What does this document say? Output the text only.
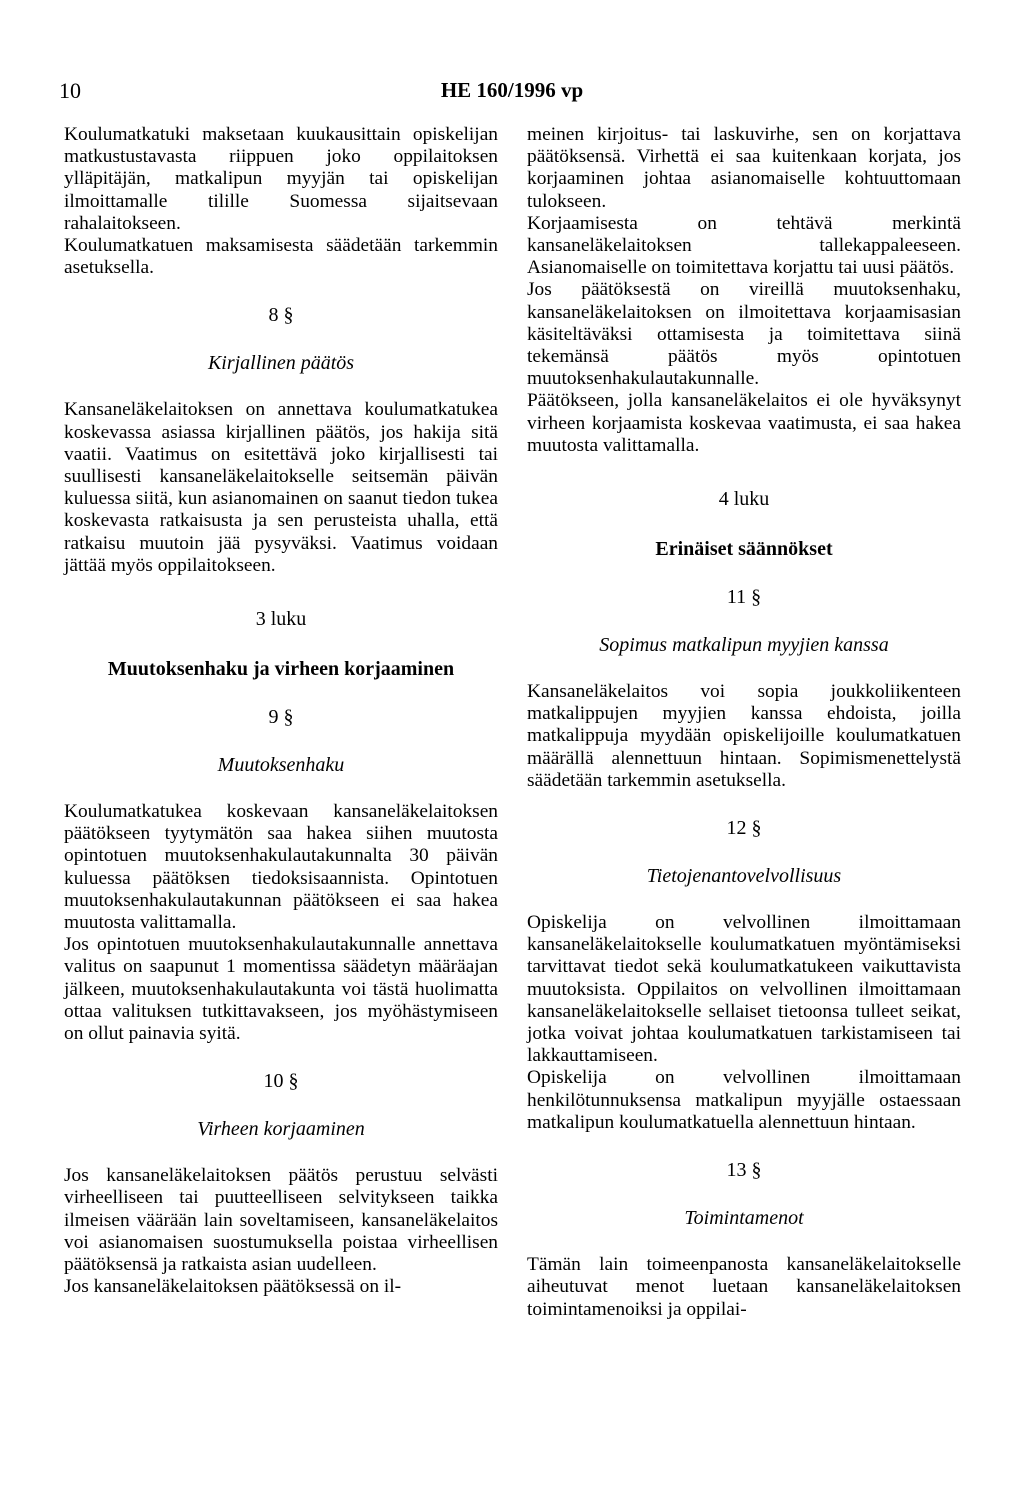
10	HE 160/1996 vp

Koulumatkatuki maksetaan kuukausittain opiskelijan matkustustavasta riippuen joko oppilaitoksen ylläpitäjän, matkalipun myyjän tai opiskelijan ilmoittamalle tilille Suomessa sijaitsevaan rahalaitokseen.

Koulumatkatuen maksamisesta säädetään tarkemmin asetuksella.

8 §
Kirjallinen päätös

Kansaneläkelaitoksen on annettava koulumatkatukea koskevassa asiassa kirjallinen päätös, jos hakija sitä vaatii. Vaatimus on esitettävä joko kirjallisesti tai suullisesti kansaneläkelaitokselle seitsemän päivän kuluessa siitä, kun asianomainen on saanut tiedon tukea koskevasta ratkaisusta ja sen perusteista uhalla, että ratkaisu muutoin jää pysyväksi. Vaatimus voidaan jättää myös oppilaitokseen.

3 luku
Muutoksenhaku ja virheen korjaaminen
9 §
Muutoksenhaku

Koulumatkatukea koskevaan kansaneläkelaitoksen päätökseen tyytymätön saa hakea siihen muutosta opintotuen muutoksenhakulautakunnalta 30 päivän kuluessa päätöksen tiedoksisaannista. Opintotuen muutoksenhakulautakunnan päätökseen ei saa hakea muutosta valittamalla.

Jos opintotuen muutoksenhakulautakunnalle annettava valitus on saapunut 1 momentissa säädetyn määräajan jälkeen, muutoksenhakulautakunta voi tästä huolimatta ottaa valituksen tutkittavakseen, jos myöhästymiseen on ollut painavia syitä.

10 §
Virheen korjaaminen

Jos kansaneläkelaitoksen päätös perustuu selvästi virheelliseen tai puutteelliseen selvitykseen taikka ilmeisen väärään lain soveltamiseen, kansaneläkelaitos voi asianomaisen suostumuksella poistaa virheellisen päätöksensä ja ratkaista asian uudelleen.

Jos kansaneläkelaitoksen päätöksessä on il-

meinen kirjoitus- tai laskuvirhe, sen on korjattava päätöksensä. Virhettä ei saa kuitenkaan korjata, jos korjaaminen johtaa asianomaiselle kohtuuttomaan tulokseen.

Korjaamisesta on tehtävä merkintä kansaneläkelaitoksen tallekappaleeseen. Asianomaiselle on toimitettava korjattu tai uusi päätös.

Jos päätöksestä on vireillä muutoksenhaku, kansaneläkelaitoksen on ilmoitettava korjaamisasian käsiteltäväksi ottamisesta ja toimitettava siinä tekemänsä päätös myös opintotuen muutoksenhakulautakunnalle.

Päätökseen, jolla kansaneläkelaitos ei ole hyväksynyt virheen korjaamista koskevaa vaatimusta, ei saa hakea muutosta valittamalla.

4 luku
Erinäiset säännökset
11 §
Sopimus matkalipun myyjien kanssa

Kansaneläkelaitos voi sopia joukkoliikenteen matkalippujen myyjien kanssa ehdoista, joilla matkalippuja myydään opiskelijoille koulumatkatuen määrällä alennettuun hintaan. Sopimismenettelystä säädetään tarkemmin asetuksella.

12 §
Tietojenantovelvollisuus

Opiskelija on velvollinen ilmoittamaan kansaneläkelaitokselle koulumatkatuen myöntämiseksi tarvittavat tiedot sekä koulumatkatukeen vaikuttavista muutoksista. Oppilaitos on velvollinen ilmoittamaan kansaneläkelaitokselle sellaiset tietoonsa tulleet seikat, jotka voivat johtaa koulumatkatuen tarkistamiseen tai lakkauttamiseen.

Opiskelija on velvollinen ilmoittamaan henkilötunnuksensa matkalipun myyjälle ostaessaan matkalipun koulumatkatuella alennettuun hintaan.

13 §
Toimintamenot

Tämän lain toimeenpanosta kansaneläkelaitokselle aiheutuvat menot luetaan kansaneläkelaitoksen toimintamenoiksi ja oppilai-
